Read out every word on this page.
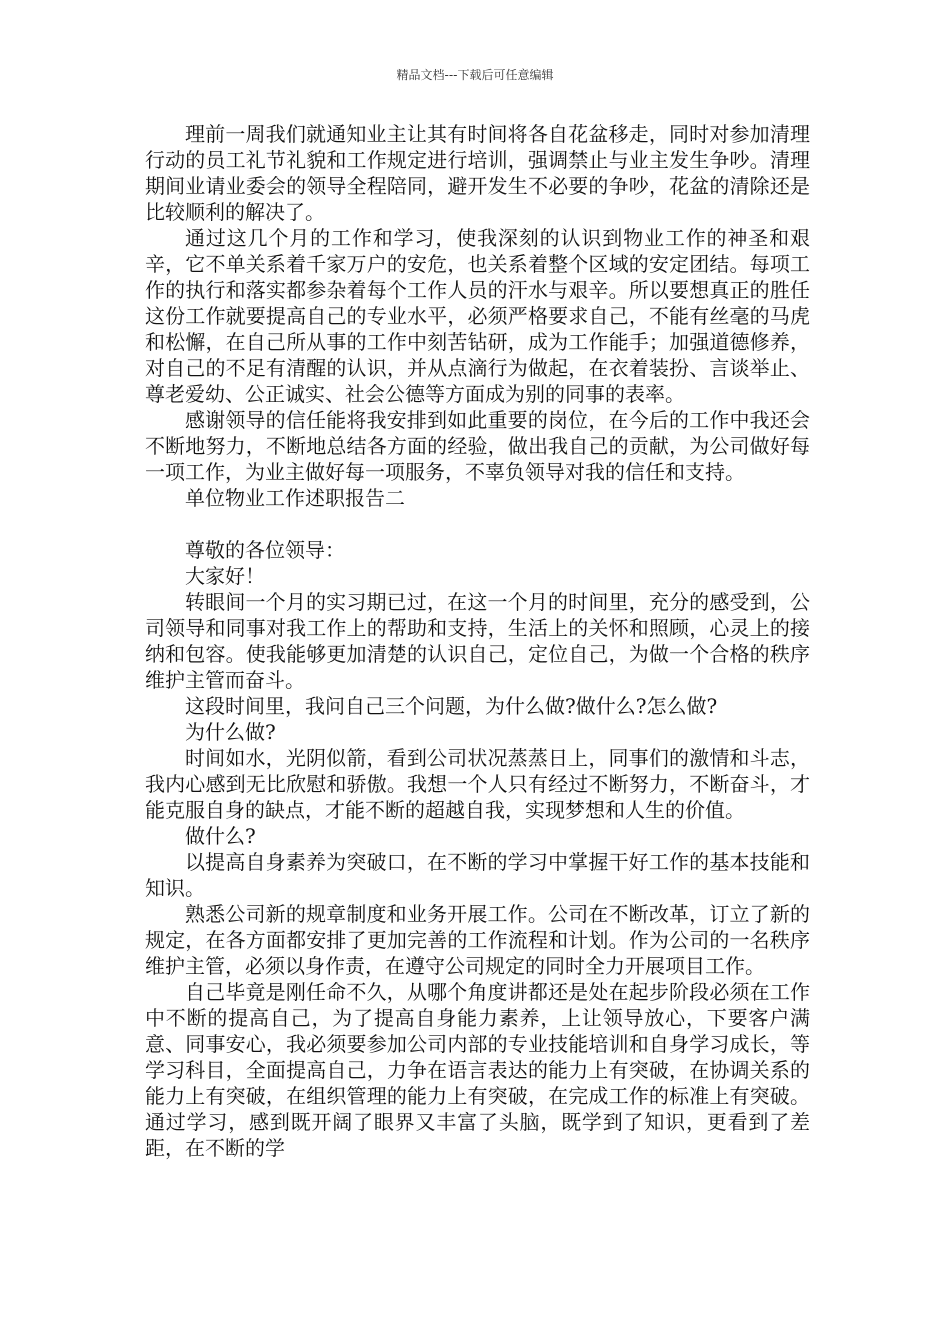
精品文档---下载后可任意编辑

理前一周我们就通知业主让其有时间将各自花盆移走，同时对参加清理行动的员工礼节礼貌和工作规定进行培训，强调禁止与业主发生争吵。清理期间业请业委会的领导全程陪同，避开发生不必要的争吵，花盆的清除还是比较顺利的解决了。

通过这几个月的工作和学习，使我深刻的认识到物业工作的神圣和艰辛，它不单关系着千家万户的安危，也关系着整个区域的安定团结。每项工作的执行和落实都参杂着每个工作人员的汗水与艰辛。所以要想真正的胜任这份工作就要提高自己的专业水平，必须严格要求自己，不能有丝毫的马虎和松懈，在自己所从事的工作中刻苦钻研，成为工作能手；加强道德修养，对自己的不足有清醒的认识，并从点滴行为做起，在衣着装扮、言谈举止、尊老爱幼、公正诚实、社会公德等方面成为别的同事的表率。

感谢领导的信任能将我安排到如此重要的岗位，在今后的工作中我还会不断地努力，不断地总结各方面的经验，做出我自己的贡献，为公司做好每一项工作，为业主做好每一项服务，不辜负领导对我的信任和支持。

单位物业工作述职报告二

尊敬的各位领导：

大家好！

转眼间一个月的实习期已过，在这一个月的时间里，充分的感受到，公司领导和同事对我工作上的帮助和支持，生活上的关怀和照顾，心灵上的接纳和包容。使我能够更加清楚的认识自己，定位自己，为做一个合格的秩序维护主管而奋斗。

这段时间里，我问自己三个问题，为什么做?做什么?怎么做?

为什么做?

时间如水，光阴似箭，看到公司状况蒸蒸日上，同事们的激情和斗志，我内心感到无比欣慰和骄傲。我想一个人只有经过不断努力，不断奋斗，才能克服自身的缺点，才能不断的超越自我，实现梦想和人生的价值。

做什么?

以提高自身素养为突破口，在不断的学习中掌握干好工作的基本技能和知识。

熟悉公司新的规章制度和业务开展工作。公司在不断改革，订立了新的规定，在各方面都安排了更加完善的工作流程和计划。作为公司的一名秩序维护主管，必须以身作责，在遵守公司规定的同时全力开展项目工作。

自己毕竟是刚任命不久，从哪个角度讲都还是处在起步阶段必须在工作中不断的提高自己，为了提高自身能力素养，上让领导放心，下要客户满意、同事安心，我必须要参加公司内部的专业技能培训和自身学习成长，等学习科目，全面提高自己，力争在语言表达的能力上有突破，在协调关系的能力上有突破，在组织管理的能力上有突破，在完成工作的标准上有突破。通过学习，感到既开阔了眼界又丰富了头脑，既学到了知识，更看到了差距，在不断的学
